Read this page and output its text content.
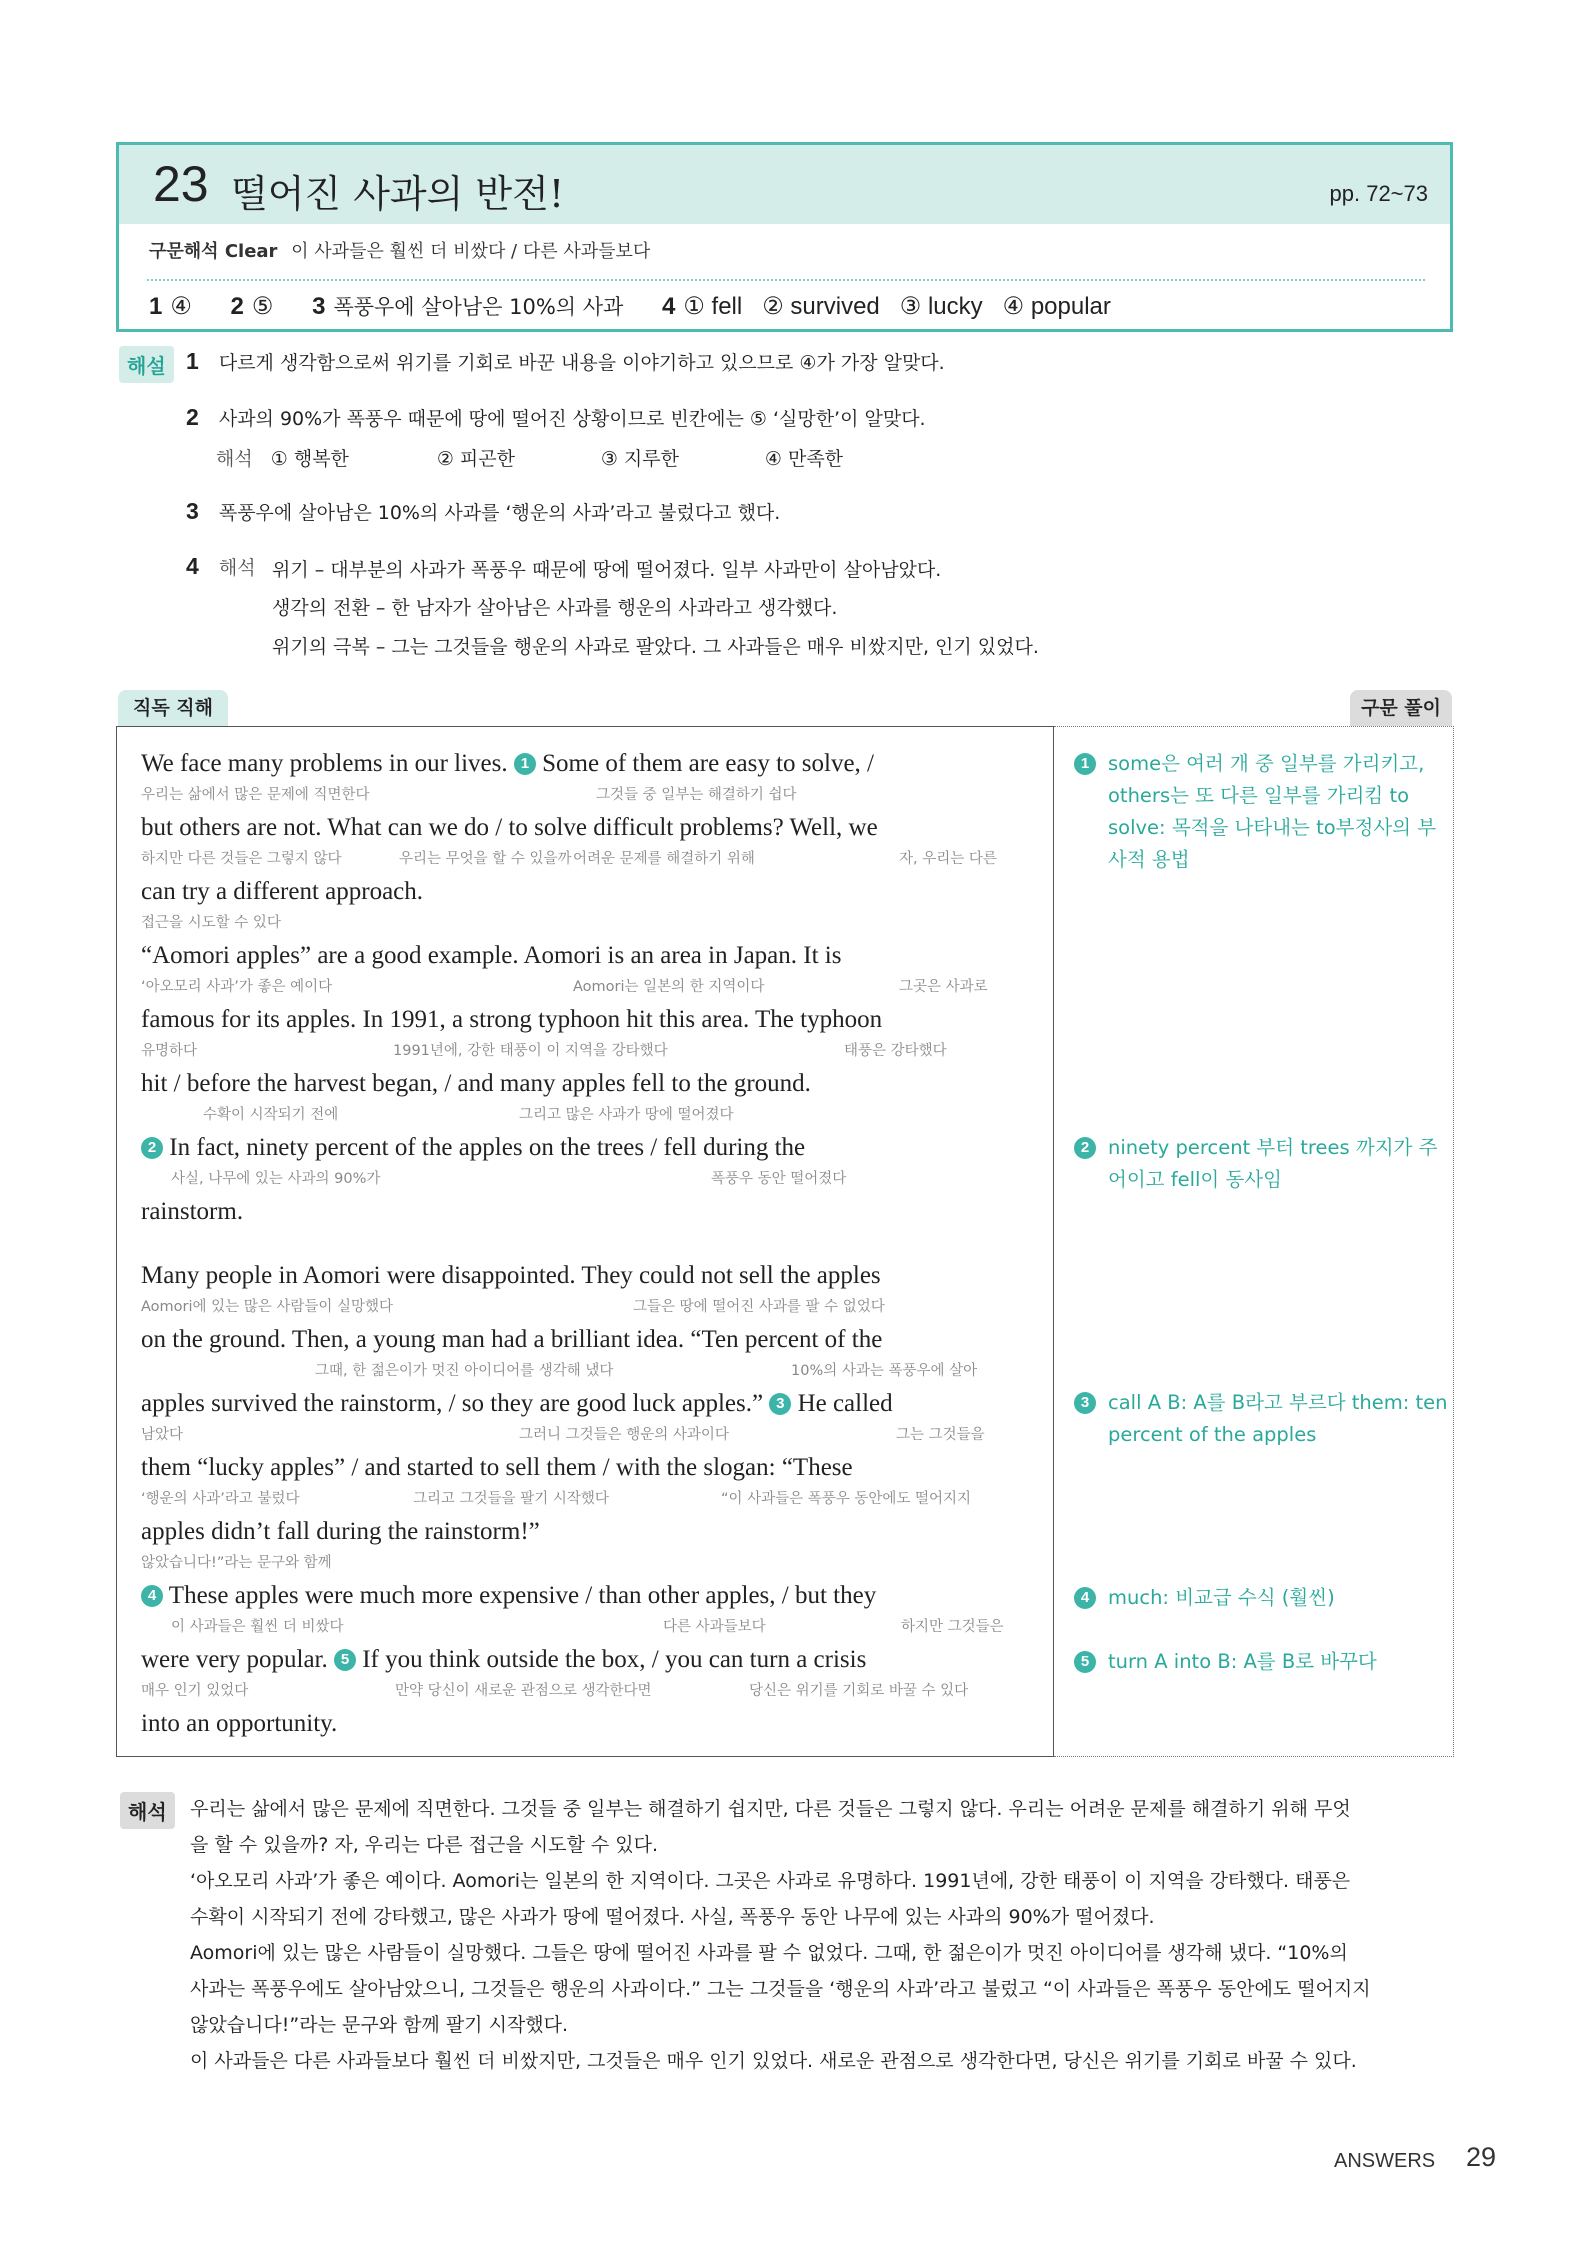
23 떨어진 사과의 반전!	pp. 72~73
구문해석 Clear 이 사과들은 훨씬 더 비쌌다 / 다른 사과들보다
1 ④ 2 ⑤ 3 폭풍우에 살아남은 10%의 사과 4 ① fell   ② survived   ③ lucky   ④ popular
해설 1 다르게 생각함으로써 위기를 기회로 바꾼 내용을 이야기하고 있으므로 ④가 가장 알맞다.
2 사과의 90%가 폭풍우 때문에 땅에 떨어진 상황이므로 빈칸에는 ⑤ ‘실망한’이 알맞다.
해석 ① 행복한	② 피곤한	③ 지루한	④ 만족한
3 폭풍우에 살아남은 10%의 사과를 ‘행운의 사과’라고 불렀다고 했다.
4 해석 위기 – 대부분의 사과가 폭풍우 때문에 땅에 떨어졌다. 일부 사과만이 살아남았다.
생각의 전환 – 한 남자가 살아남은 사과를 행운의 사과라고 생각했다.
위기의 극복 – 그는 그것들을 행운의 사과로 팔았다. 그 사과들은 매우 비쌌지만, 인기 있었다.
직독 직해	구문 풀이
We face many problems in our lives. 1 Some of them are easy to solve, /
우리는 삶에서 많은 문제에 직면한다	그것들 중 일부는 해결하기 쉽다
but others are not. What can we do / to solve difficult problems? Well, we
하지만 다른 것들은 그렇지 않다	우리는 무엇을 할 수 있을까 어려운 문제를 해결하기 위해	자, 우리는 다른
can try a different approach.
접근을 시도할 수 있다
“Aomori apples” are a good example. Aomori is an area in Japan. It is
‘아오모리 사과’가 좋은 예이다	Aomori는 일본의 한 지역이다	그곳은 사과로
famous for its apples. In 1991, a strong typhoon hit this area. The typhoon
유명하다	1991년에, 강한 태풍이 이 지역을 강타했다	태풍은 강타했다
hit / before the harvest began, / and many apples fell to the ground.
수확이 시작되기 전에	그리고 많은 사과가 땅에 떨어졌다
2 In fact, ninety percent of the apples on the trees / fell during the
사실, 나무에 있는 사과의 90%가	폭풍우 동안 떨어졌다
rainstorm.
Many people in Aomori were disappointed. They could not sell the apples
Aomori에 있는 많은 사람들이 실망했다	그들은 땅에 떨어진 사과를 팔 수 없었다
on the ground. Then, a young man had a brilliant idea. “Ten percent of the
그때, 한 젊은이가 멋진 아이디어를 생각해 냈다	10%의 사과는 폭풍우에 살아
apples survived the rainstorm, / so they are good luck apples.” 3 He called
남았다	그러니 그것들은 행운의 사과이다	그는 그것들을
them “lucky apples” / and started to sell them / with the slogan: “These
‘행운의 사과’라고 불렀다	그리고 그것들을 팔기 시작했다	“이 사과들은 폭풍우 동안에도 떨어지지
apples didn’t fall during the rainstorm!”
않았습니다!”라는 문구와 함께
4 These apples were much more expensive / than other apples, / but they
이 사과들은 훨씬 더 비쌌다	다른 사과들보다	하지만 그것들은
were very popular. 5 If you think outside the box, / you can turn a crisis
매우 인기 있었다	만약 당신이 새로운 관점으로 생각한다면	당신은 위기를 기회로 바꿀 수 있다
into an opportunity.
1 some은 여러 개 중 일부를 가리키고, others는 또 다른 일부를 가리킴 to solve: 목적을 나타내는 to부정사의 부사적 용법
2 ninety percent 부터 trees 까지가 주어이고 fell이 동사임
3 call A B: A를 B라고 부르다 them: ten percent of the apples
4 much: 비교급 수식 (훨씬)
5 turn A into B: A를 B로 바꾸다
해석	우리는 삶에서 많은 문제에 직면한다. 그것들 중 일부는 해결하기 쉽지만, 다른 것들은 그렇지 않다. 우리는 어려운 문제를 해결하기 위해 무엇
을 할 수 있을까? 자, 우리는 다른 접근을 시도할 수 있다.
‘아오모리 사과’가 좋은 예이다. Aomori는 일본의 한 지역이다. 그곳은 사과로 유명하다. 1991년에, 강한 태풍이 이 지역을 강타했다. 태풍은
수확이 시작되기 전에 강타했고, 많은 사과가 땅에 떨어졌다. 사실, 폭풍우 동안 나무에 있는 사과의 90%가 떨어졌다.
Aomori에 있는 많은 사람들이 실망했다. 그들은 땅에 떨어진 사과를 팔 수 없었다. 그때, 한 젊은이가 멋진 아이디어를 생각해 냈다. “10%의
사과는 폭풍우에도 살아남았으니, 그것들은 행운의 사과이다.” 그는 그것들을 ‘행운의 사과’라고 불렀고 “이 사과들은 폭풍우 동안에도 떨어지지
않았습니다!”라는 문구와 함께 팔기 시작했다.
이 사과들은 다른 사과들보다 훨씬 더 비쌌지만, 그것들은 매우 인기 있었다. 새로운 관점으로 생각한다면, 당신은 위기를 기회로 바꿀 수 있다.
ANSWERS 29
